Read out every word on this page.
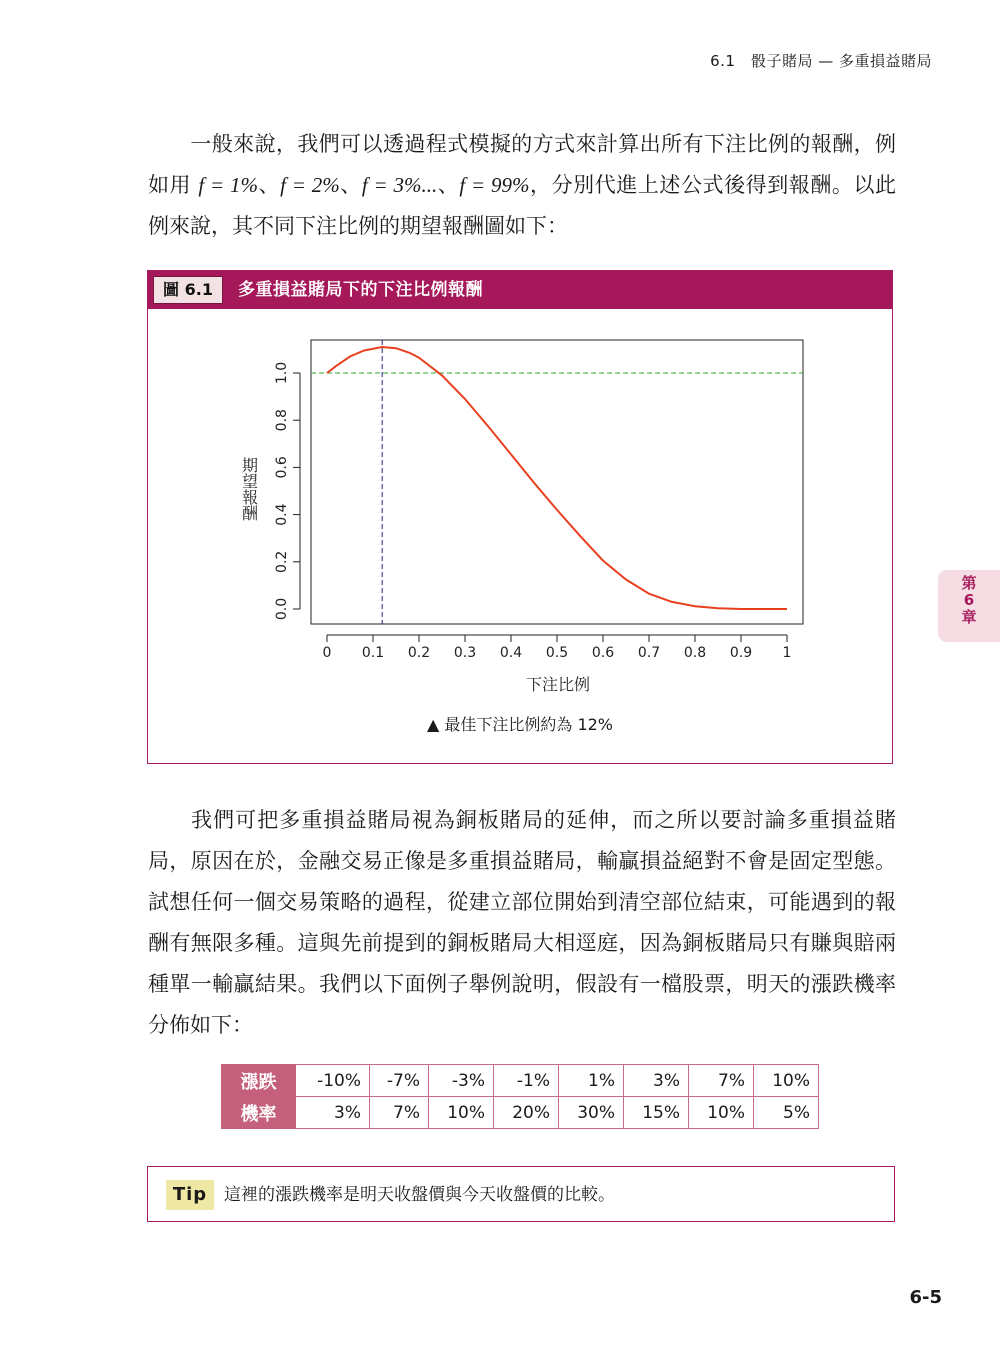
6.1　骰子賭局 — 多重損益賭局

一般來說，我們可以透過程式模擬的方式來計算出所有下注比例的報酬，例如用 f = 1%、f = 2%、f = 3%...、f = 99%，分別代進上述公式後得到報酬。以此例來說，其不同下注比例的期望報酬圖如下：

圖 6.1	多重損益賭局下的下注比例報酬
0.0
0.2
0.4
0.6
0.8
1.0
0 0.1 0.2 0.3 0.4 0.5 0.6 0.7 0.8 0.9 1
下注比例
期望報酬
▲ 最佳下注比例約為 12%

我們可把多重損益賭局視為銅板賭局的延伸，而之所以要討論多重損益賭局，原因在於，金融交易正像是多重損益賭局，輸贏損益絕對不會是固定型態。試想任何一個交易策略的過程，從建立部位開始到清空部位結束，可能遇到的報酬有無限多種。這與先前提到的銅板賭局大相逕庭，因為銅板賭局只有賺與賠兩種單一輸贏結果。我們以下面例子舉例說明，假設有一檔股票，明天的漲跌機率分佈如下：

漲跌	-10%	-7%	-3%	-1%	1%	3%	7%	10%
機率	3%	7%	10%	20%	30%	15%	10%	5%
Tip 這裡的漲跌機率是明天收盤價與今天收盤價的比較。
第
6
章
6-5
